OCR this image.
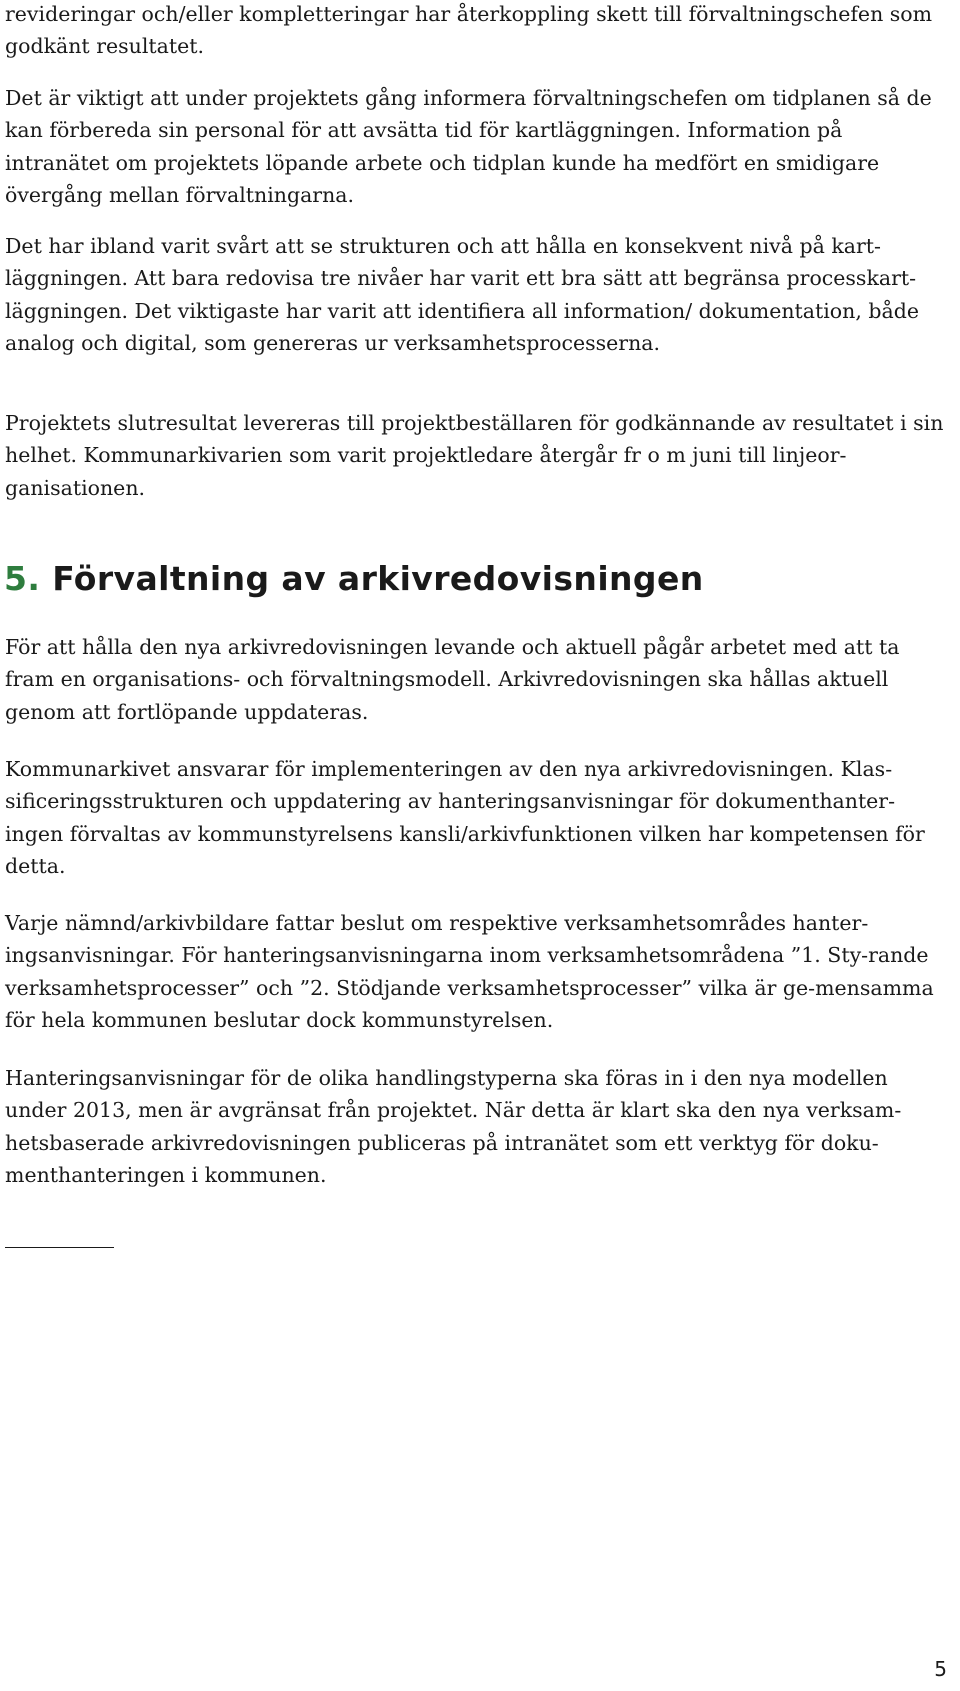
revideringar och/eller kompletteringar har återkoppling skett till förvaltningschefen som godkänt resultatet.

Det är viktigt att under projektets gång informera förvaltningschefen om tidplanen så de kan förbereda sin personal för att avsätta tid för kartläggningen. Information på intranätet om projektets löpande arbete och tidplan kunde ha medfört en smidigare övergång mellan förvaltningarna.

Det har ibland varit svårt att se strukturen och att hålla en konsekvent nivå på kart-läggningen. Att bara redovisa tre nivåer har varit ett bra sätt att begränsa processkart-läggningen. Det viktigaste har varit att identifiera all information/ dokumentation, både analog och digital, som genereras ur verksamhetsprocesserna.

Projektets slutresultat levereras till projektbeställaren för godkännande av resultatet i sin helhet. Kommunarkivarien som varit projektledare återgår fr o m juni till linjeor-ganisationen.

5. Förvaltning av arkivredovisningen

För att hålla den nya arkivredovisningen levande och aktuell pågår arbetet med att ta fram en organisations- och förvaltningsmodell. Arkivredovisningen ska hållas aktuell genom att fortlöpande uppdateras.

Kommunarkivet ansvarar för implementeringen av den nya arkivredovisningen. Klas-sificeringsstrukturen och uppdatering av hanteringsanvisningar för dokumenthanter-ingen förvaltas av kommunstyrelsens kansli/arkivfunktionen vilken har kompetensen för detta.

Varje nämnd/arkivbildare fattar beslut om respektive verksamhetsområdes hanter-ingsanvisningar. För hanteringsanvisningarna inom verksamhetsområdena ”1. Sty-rande verksamhetsprocesser” och ”2. Stödjande verksamhetsprocesser” vilka är ge-mensamma för hela kommunen beslutar dock kommunstyrelsen.

Hanteringsanvisningar för de olika handlingstyperna ska föras in i den nya modellen under 2013, men är avgränsat från projektet. När detta är klart ska den nya verksam-hetsbaserade arkivredovisningen publiceras på intranätet som ett verktyg för doku-menthanteringen i kommunen.

5
